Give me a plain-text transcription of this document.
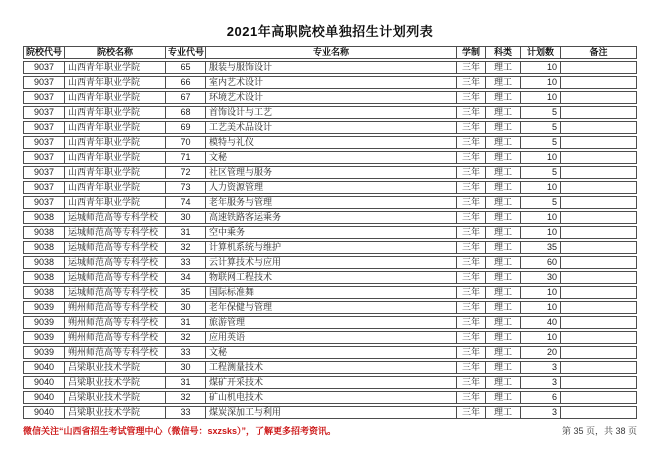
2021年高职院校单独招生计划列表
院校代号	院校名称	专业代号	专业名称	学制	科类	计划数	备注
9037	山西青年职业学院	65	服装与服饰设计	三年	理工	10	
9037	山西青年职业学院	66	室内艺术设计	三年	理工	10	
9037	山西青年职业学院	67	环境艺术设计	三年	理工	10	
9037	山西青年职业学院	68	首饰设计与工艺	三年	理工	5	
9037	山西青年职业学院	69	工艺美术品设计	三年	理工	5	
9037	山西青年职业学院	70	模特与礼仪	三年	理工	5	
9037	山西青年职业学院	71	文秘	三年	理工	10	
9037	山西青年职业学院	72	社区管理与服务	三年	理工	5	
9037	山西青年职业学院	73	人力资源管理	三年	理工	10	
9037	山西青年职业学院	74	老年服务与管理	三年	理工	5	
9038	运城师范高等专科学校	30	高速铁路客运乘务	三年	理工	10	
9038	运城师范高等专科学校	31	空中乘务	三年	理工	10	
9038	运城师范高等专科学校	32	计算机系统与维护	三年	理工	35	
9038	运城师范高等专科学校	33	云计算技术与应用	三年	理工	60	
9038	运城师范高等专科学校	34	物联网工程技术	三年	理工	30	
9038	运城师范高等专科学校	35	国际标准舞	三年	理工	10	
9039	朔州师范高等专科学校	30	老年保健与管理	三年	理工	10	
9039	朔州师范高等专科学校	31	旅游管理	三年	理工	40	
9039	朔州师范高等专科学校	32	应用英语	三年	理工	10	
9039	朔州师范高等专科学校	33	文秘	三年	理工	20	
9040	吕梁职业技术学院	30	工程测量技术	三年	理工	3	
9040	吕梁职业技术学院	31	煤矿开采技术	三年	理工	3	
9040	吕梁职业技术学院	32	矿山机电技术	三年	理工	6	
9040	吕梁职业技术学院	33	煤炭深加工与利用	三年	理工	3	
微信关注“山西省招生考试管理中心（微信号：sxzsks）”，了解更多招考资讯。	第 35 页，共 38 页
